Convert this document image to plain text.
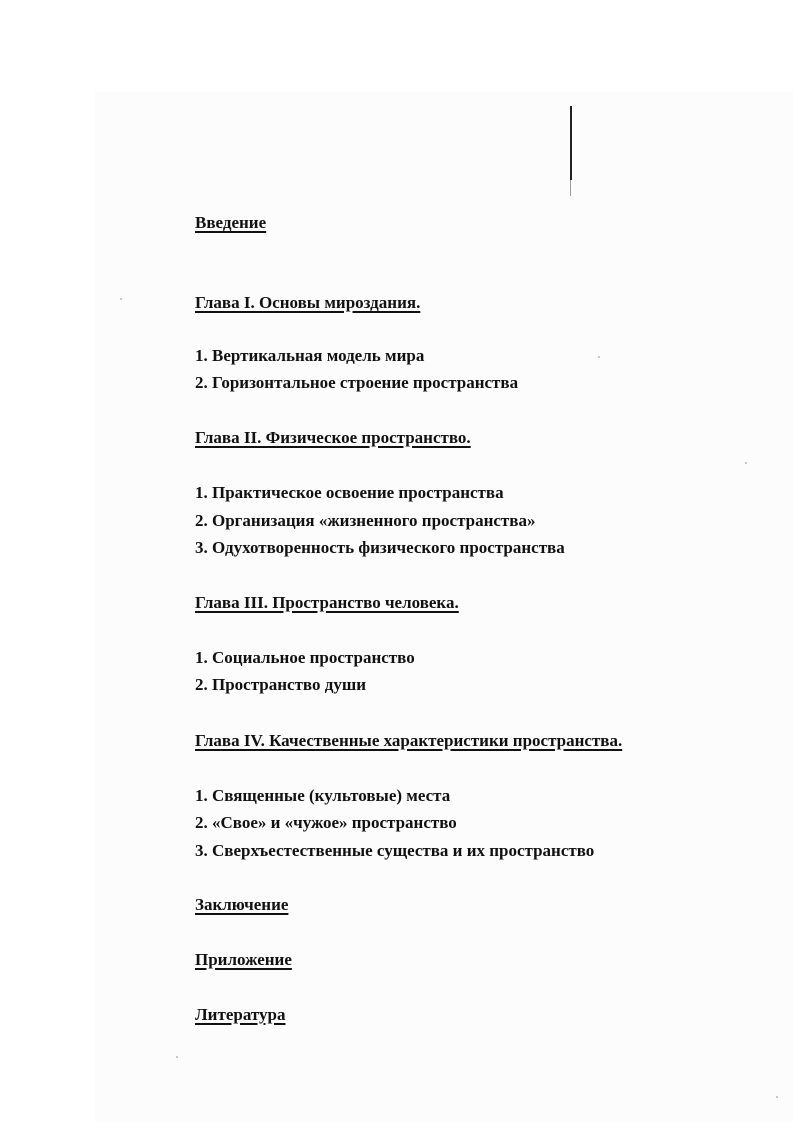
Введение
Глава I. Основы мироздания.
1. Вертикальная модель мира
2. Горизонтальное строение пространства
Глава II. Физическое пространство.
1. Практическое освоение пространства
2. Организация «жизненного пространства»
3. Одухотворенность физического пространства
Глава III. Пространство человека.
1. Социальное пространство
2. Пространство души
Глава IV. Качественные характеристики пространства.
1. Священные (культовые) места
2. «Свое» и «чужое» пространство
3. Сверхъестественные существа и их пространство
Заключение
Приложение
Литература
